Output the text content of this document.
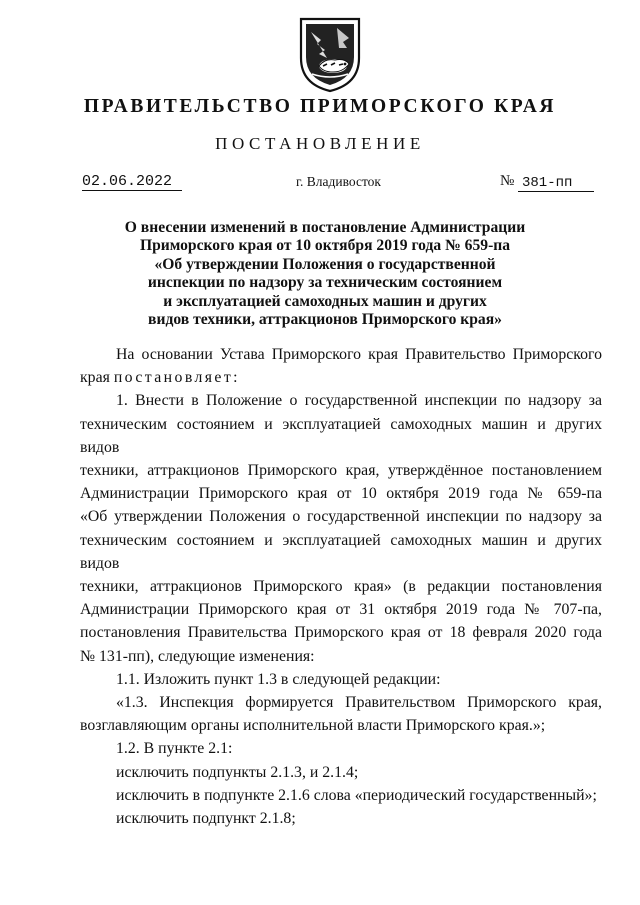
ПРАВИТЕЛЬСТВО ПРИМОРСКОГО КРАЯ
ПОСТАНОВЛЕНИЕ
02.06.2022	г. Владивосток	№ 381-пп
О внесении изменений в постановление Администрации
Приморского края от 10 октября 2019 года № 659-па
«Об утверждении Положения о государственной
инспекции по надзору за техническим состоянием
и эксплуатацией самоходных машин и других
видов техники, аттракционов Приморского края»
На основании Устава Приморского края Правительство Приморского
края постановляет:
1. Внести в Положение о государственной инспекции по надзору за
техническим состоянием и эксплуатацией самоходных машин и других видов
техники, аттракционов Приморского края, утверждённое постановлением
Администрации Приморского края от 10 октября 2019 года № 659-па
«Об утверждении Положения о государственной инспекции по надзору за
техническим состоянием и эксплуатацией самоходных машин и других видов
техники, аттракционов Приморского края» (в редакции постановления
Администрации Приморского края от 31 октября 2019 года № 707-па,
постановления Правительства Приморского края от 18 февраля 2020 года
№ 131-пп), следующие изменения:
1.1. Изложить пункт 1.3 в следующей редакции:
«1.3. Инспекция формируется Правительством Приморского края,
возглавляющим органы исполнительной власти Приморского края.»;
1.2. В пункте 2.1:
исключить подпункты 2.1.3, и 2.1.4;
исключить в подпункте 2.1.6 слова «периодический государственный»;
исключить подпункт 2.1.8;
